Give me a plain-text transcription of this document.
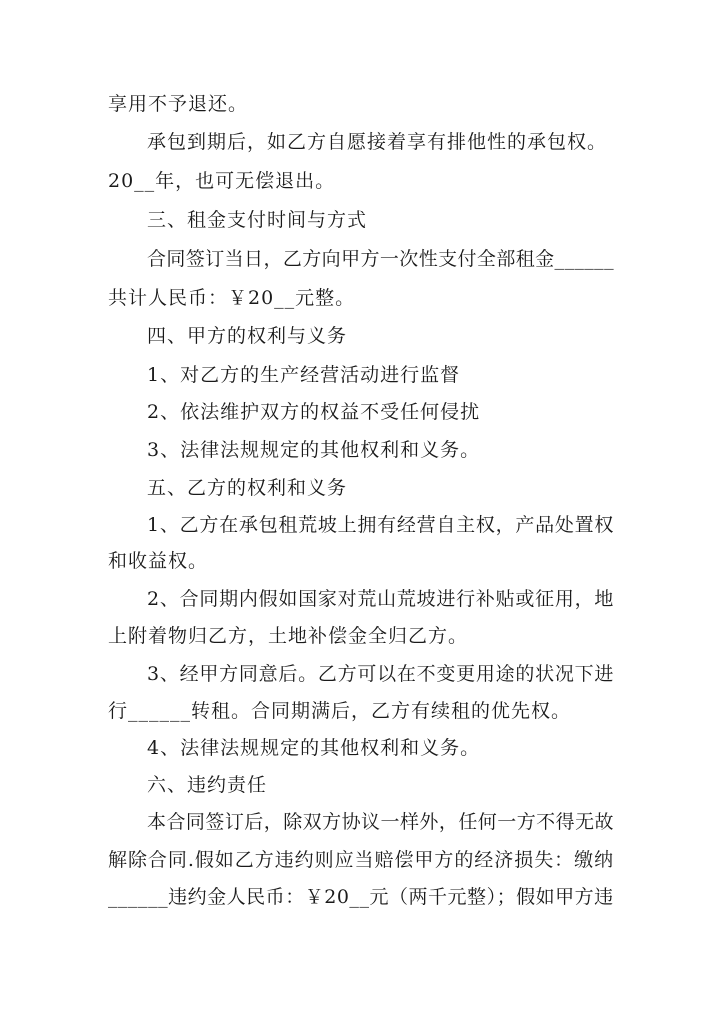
享用不予退还。
承包到期后，如乙方自愿接着享有排他性的承包权。
20__年，也可无偿退出。
三、租金支付时间与方式
合同签订当日，乙方向甲方一次性支付全部租金______
共计人民币：￥20__元整。
四、甲方的权利与义务
1、对乙方的生产经营活动进行监督
2、依法维护双方的权益不受任何侵扰
3、法律法规规定的其他权利和义务。
五、乙方的权利和义务
1、乙方在承包租荒坡上拥有经营自主权，产品处置权
和收益权。
2、合同期内假如国家对荒山荒坡进行补贴或征用，地
上附着物归乙方，土地补偿金全归乙方。
3、经甲方同意后。乙方可以在不变更用途的状况下进
行______转租。合同期满后，乙方有续租的优先权。
4、法律法规规定的其他权利和义务。
六、违约责任
本合同签订后，除双方协议一样外，任何一方不得无故
解除合同.假如乙方违约则应当赔偿甲方的经济损失：缴纳
______违约金人民币：￥20__元（两千元整）；假如甲方违
